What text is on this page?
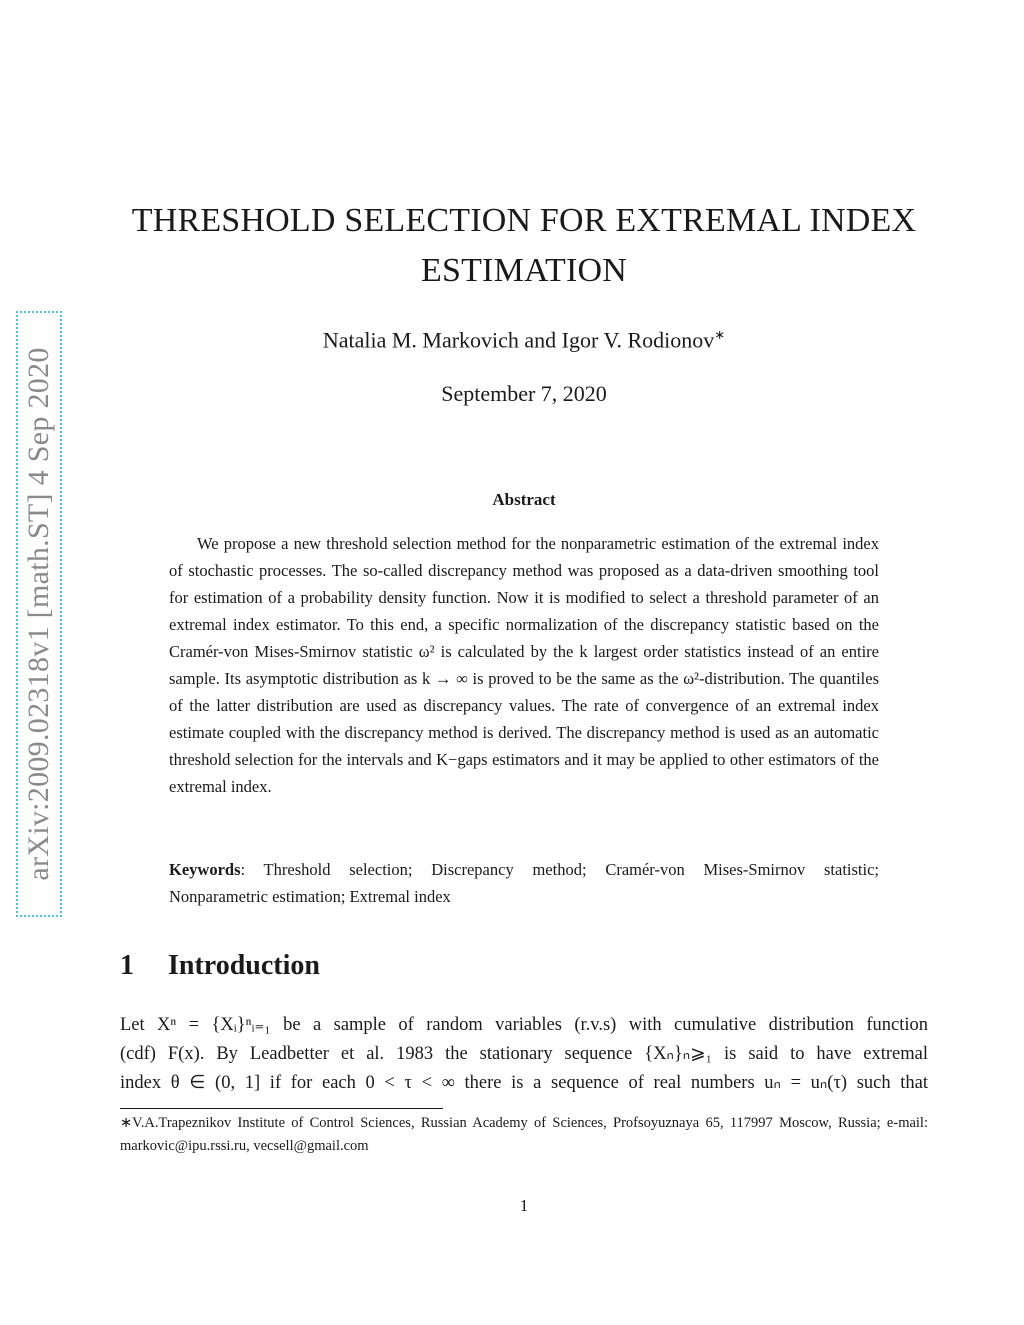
arXiv:2009.02318v1 [math.ST] 4 Sep 2020
THRESHOLD SELECTION FOR EXTREMAL INDEX ESTIMATION
Natalia M. Markovich and Igor V. Rodionov∗
September 7, 2020
Abstract

We propose a new threshold selection method for the nonparametric estimation of the extremal index of stochastic processes. The so-called discrepancy method was proposed as a data-driven smoothing tool for estimation of a probability density function. Now it is modified to select a threshold parameter of an extremal index estimator. To this end, a specific normalization of the discrepancy statistic based on the Cramér-von Mises-Smirnov statistic ω² is calculated by the k largest order statistics instead of an entire sample. Its asymptotic distribution as k → ∞ is proved to be the same as the ω²-distribution. The quantiles of the latter distribution are used as discrepancy values. The rate of convergence of an extremal index estimate coupled with the discrepancy method is derived. The discrepancy method is used as an automatic threshold selection for the intervals and K−gaps estimators and it may be applied to other estimators of the extremal index.

Keywords: Threshold selection; Discrepancy method; Cramér-von Mises-Smirnov statistic; Nonparametric estimation; Extremal index

1 Introduction
Let Xⁿ = {Xᵢ}ⁿᵢ₌₁ be a sample of random variables (r.v.s) with cumulative distribution function
(cdf) F(x). By Leadbetter et al. 1983 the stationary sequence {Xₙ}ₙ⩾₁ is said to have extremal
index θ ∈ (0, 1] if for each 0 < τ < ∞ there is a sequence of real numbers uₙ = uₙ(τ) such that

∗V.A.Trapeznikov Institute of Control Sciences, Russian Academy of Sciences, Profsoyuznaya 65, 117997 Moscow, Russia; e-mail: markovic@ipu.rssi.ru, vecsell@gmail.com

1
